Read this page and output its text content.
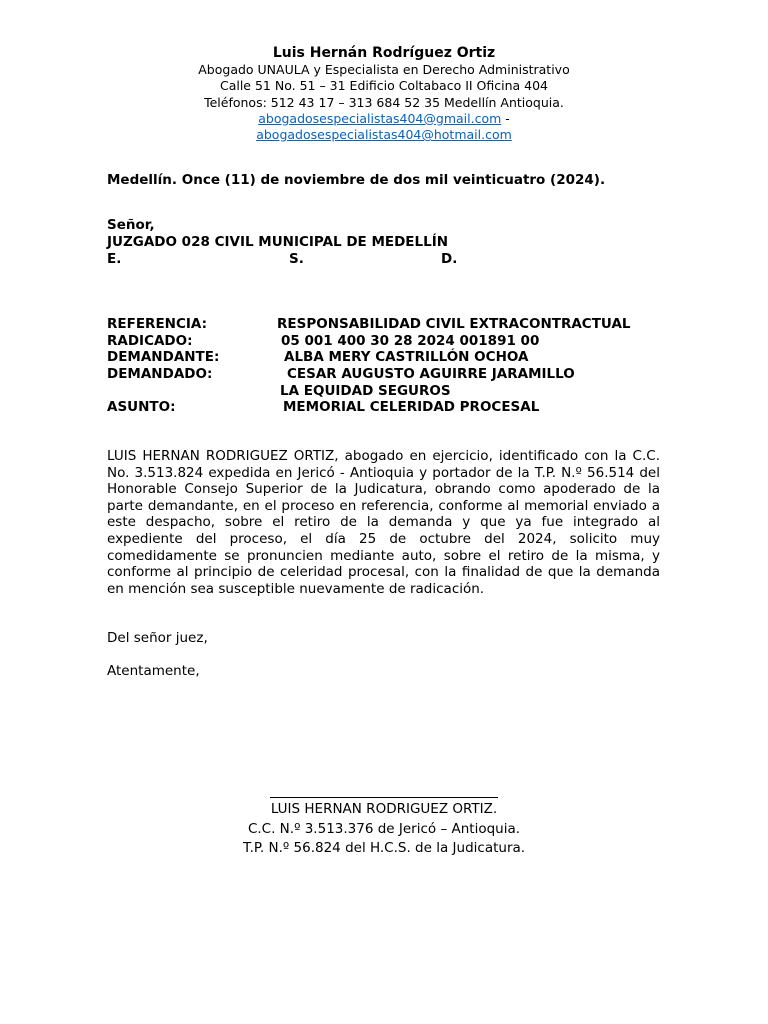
Luis Hernán Rodríguez Ortiz
Abogado UNAULA y Especialista en Derecho Administrativo
Calle 51 No. 51 – 31 Edificio Coltabaco II Oficina 404
Teléfonos: 512 43 17 – 313 684 52 35 Medellín Antioquia.
abogadosespecialistas404@gmail.com -
abogadosespecialistas404@hotmail.com
Medellín. Once (11) de noviembre de dos mil veinticuatro (2024).
Señor,
JUZGADO 028 CIVIL MUNICIPAL DE MEDELLÍN
E.	S.	D.
REFERENCIA:	RESPONSABILIDAD CIVIL EXTRACONTRACTUAL
RADICADO:	05 001 400 30 28 2024 001891 00
DEMANDANTE:	ALBA MERY CASTRILLÓN OCHOA
DEMANDADO:	CESAR AUGUSTO AGUIRRE JARAMILLO
LA EQUIDAD SEGUROS
ASUNTO:	MEMORIAL CELERIDAD PROCESAL
LUIS HERNAN RODRIGUEZ ORTIZ, abogado en ejercicio, identificado con la C.C. No. 3.513.824 expedida en Jericó - Antioquia y portador de la T.P. N.º 56.514 del Honorable Consejo Superior de la Judicatura, obrando como apoderado de la parte demandante, en el proceso en referencia, conforme al memorial enviado a este despacho, sobre el retiro de la demanda y que ya fue integrado al expediente del proceso, el día 25 de octubre del 2024, solicito muy comedidamente se pronuncien mediante auto, sobre el retiro de la misma, y conforme al principio de celeridad procesal, con la finalidad de que la demanda en mención sea susceptible nuevamente de radicación.
Del señor juez,
Atentamente,
LUIS HERNAN RODRIGUEZ ORTIZ.
C.C. N.º 3.513.376 de Jericó – Antioquia.
T.P. N.º 56.824 del H.C.S. de la Judicatura.
